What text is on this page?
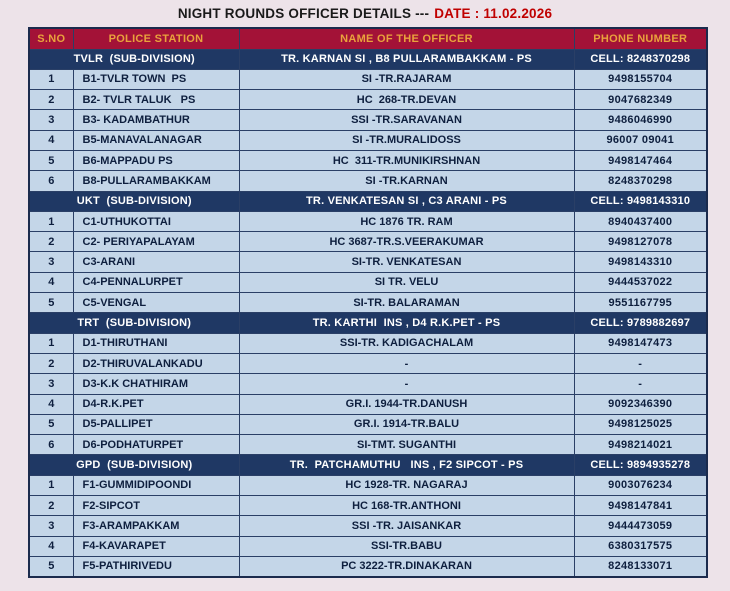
NIGHT ROUNDS OFFICER DETAILS --- DATE : 11.02.2026
S.NO	POLICE STATION	NAME OF THE OFFICER	PHONE NUMBER
TVLR  (SUB-DIVISION)		TR. KARNAN SI , B8 PULLARAMBAKKAM - PS	CELL: 8248370298
1	B1-TVLR TOWN  PS	SI -TR.RAJARAM	9498155704
2	B2- TVLR TALUK   PS	HC  268-TR.DEVAN	9047682349
3	B3- KADAMBATHUR	SSI -TR.SARAVANAN	9486046990
4	B5-MANAVALANAGAR	SI -TR.MURALIDOSS	96007 09041
5	B6-MAPPADU PS	HC  311-TR.MUNIKIRSHNAN	9498147464
6	B8-PULLARAMBAKKAM	SI -TR.KARNAN	8248370298
UKT  (SUB-DIVISION)		TR. VENKATESAN SI , C3 ARANI - PS	CELL: 9498143310
1	C1-UTHUKOTTAI	HC 1876 TR. RAM	8940437400
2	C2- PERIYAPALAYAM	HC 3687-TR.S.VEERAKUMAR	9498127078
3	C3-ARANI	SI-TR. VENKATESAN	9498143310
4	C4-PENNALURPET	SI TR. VELU	9444537022
5	C5-VENGAL	SI-TR. BALARAMAN	9551167795
TRT  (SUB-DIVISION)		TR. KARTHI  INS , D4 R.K.PET - PS	CELL: 9789882697
1	D1-THIRUTHANI	SSI-TR. KADIGACHALAM	9498147473
2	D2-THIRUVALANKADU	-	-
3	D3-K.K CHATHIRAM	-	-
4	D4-R.K.PET	GR.I. 1944-TR.DANUSH	9092346390
5	D5-PALLIPET	GR.I. 1914-TR.BALU	9498125025
6	D6-PODHATURPET	SI-TMT. SUGANTHI	9498214021
GPD  (SUB-DIVISION)		TR.  PATCHAMUTHU   INS , F2 SIPCOT - PS	CELL: 9894935278
1	F1-GUMMIDIPOONDI	HC 1928-TR. NAGARAJ	9003076234
2	F2-SIPCOT	HC 168-TR.ANTHONI	9498147841
3	F3-ARAMPAKKAM	SSI -TR. JAISANKAR	9444473059
4	F4-KAVARAPET	SSI-TR.BABU	6380317575
5	F5-PATHIRIVEDU	PC 3222-TR.DINAKARAN	8248133071
